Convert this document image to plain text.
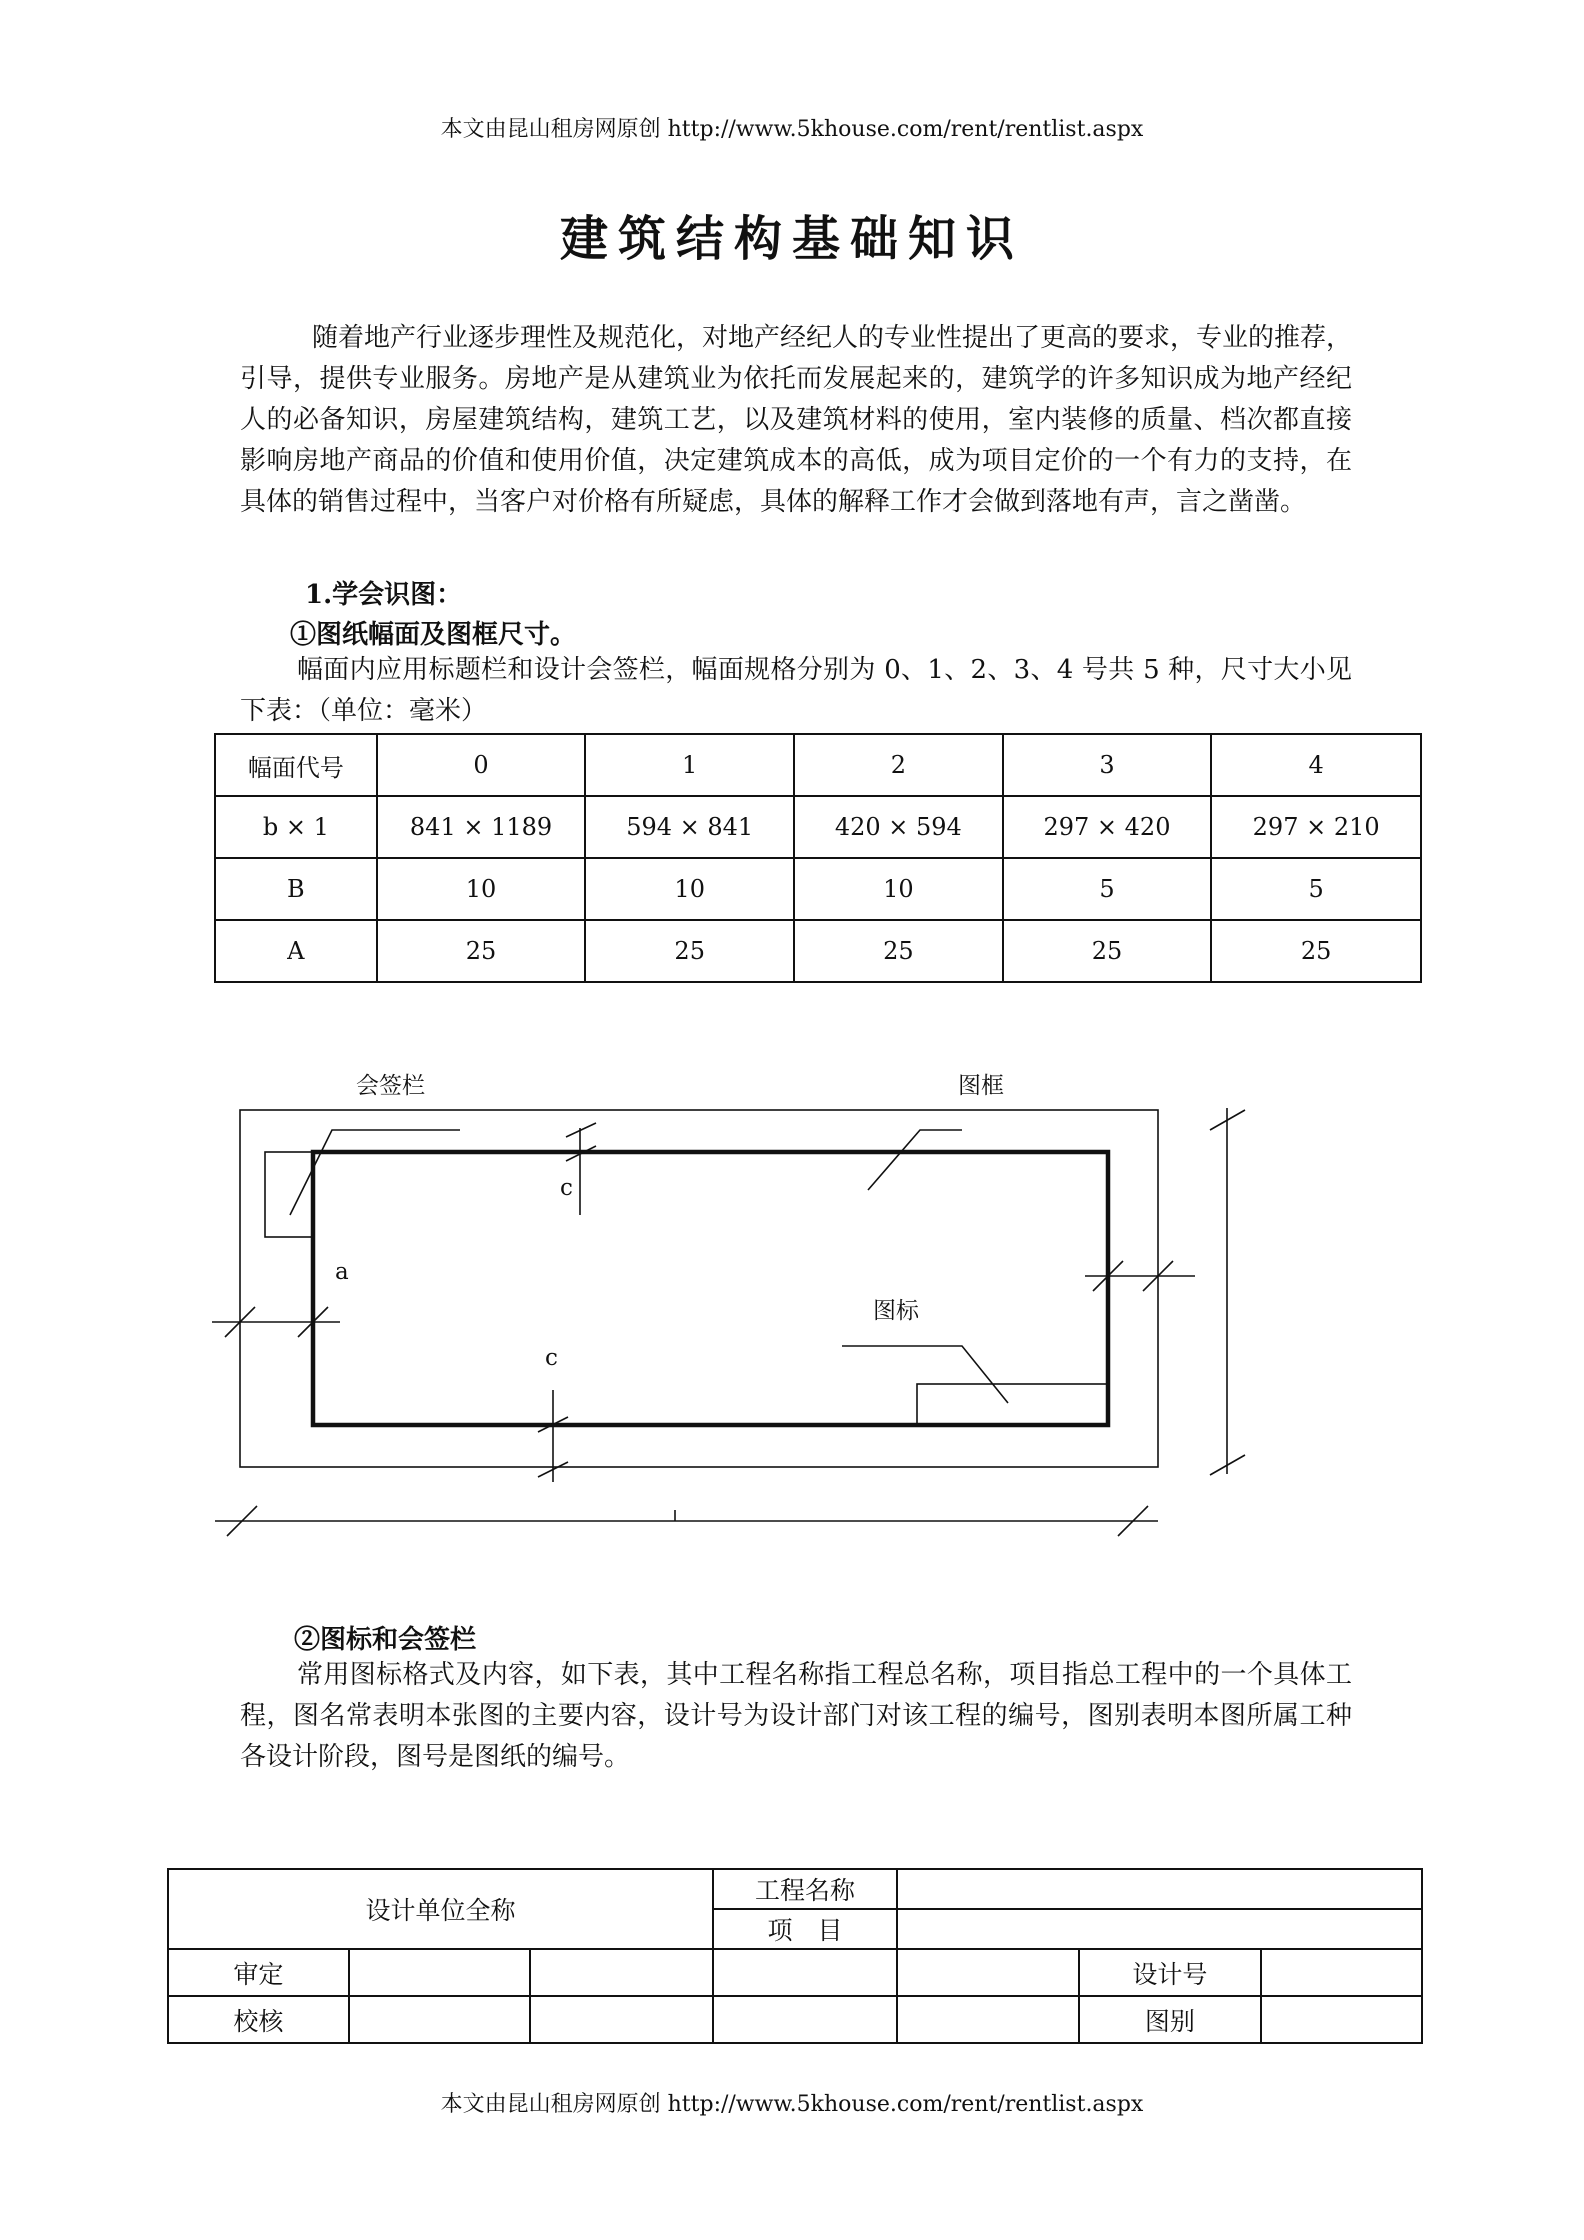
本文由昆山租房网原创 http://www.5khouse.com/rent/rentlist.aspx
建筑结构基础知识

随着地产行业逐步理性及规范化，对地产经纪人的专业性提出了更高的要求，专业的推荐，引导，提供专业服务。房地产是从建筑业为依托而发展起来的，建筑学的许多知识成为地产经纪人的必备知识，房屋建筑结构，建筑工艺，以及建筑材料的使用，室内装修的质量、档次都直接影响房地产商品的价值和使用价值，决定建筑成本的高低，成为项目定价的一个有力的支持，在具体的销售过程中，当客户对价格有所疑虑，具体的解释工作才会做到落地有声，言之凿凿。

1.学会识图：
①图纸幅面及图框尺寸。

幅面内应用标题栏和设计会签栏，幅面规格分别为 0、1、2、3、4 号共 5 种，尺寸大小见下表：（单位：毫米）

幅面代号	0	1	2	3	4
b × 1	841 × 1189	594 × 841	420 × 594	297 × 420	297 × 210
B	10	10	10	5	5
A	25	25	25	25	25
会签栏	图框
图标
a
c
c
②图标和会签栏

常用图标格式及内容，如下表，其中工程名称指工程总名称，项目指总工程中的一个具体工程，图名常表明本张图的主要内容，设计号为设计部门对该工程的编号，图别表明本图所属工种各设计阶段，图号是图纸的编号。

设计单位全称			工程名称			
			项　目			
审定					设计号	
校核					图别	
本文由昆山租房网原创 http://www.5khouse.com/rent/rentlist.aspx
